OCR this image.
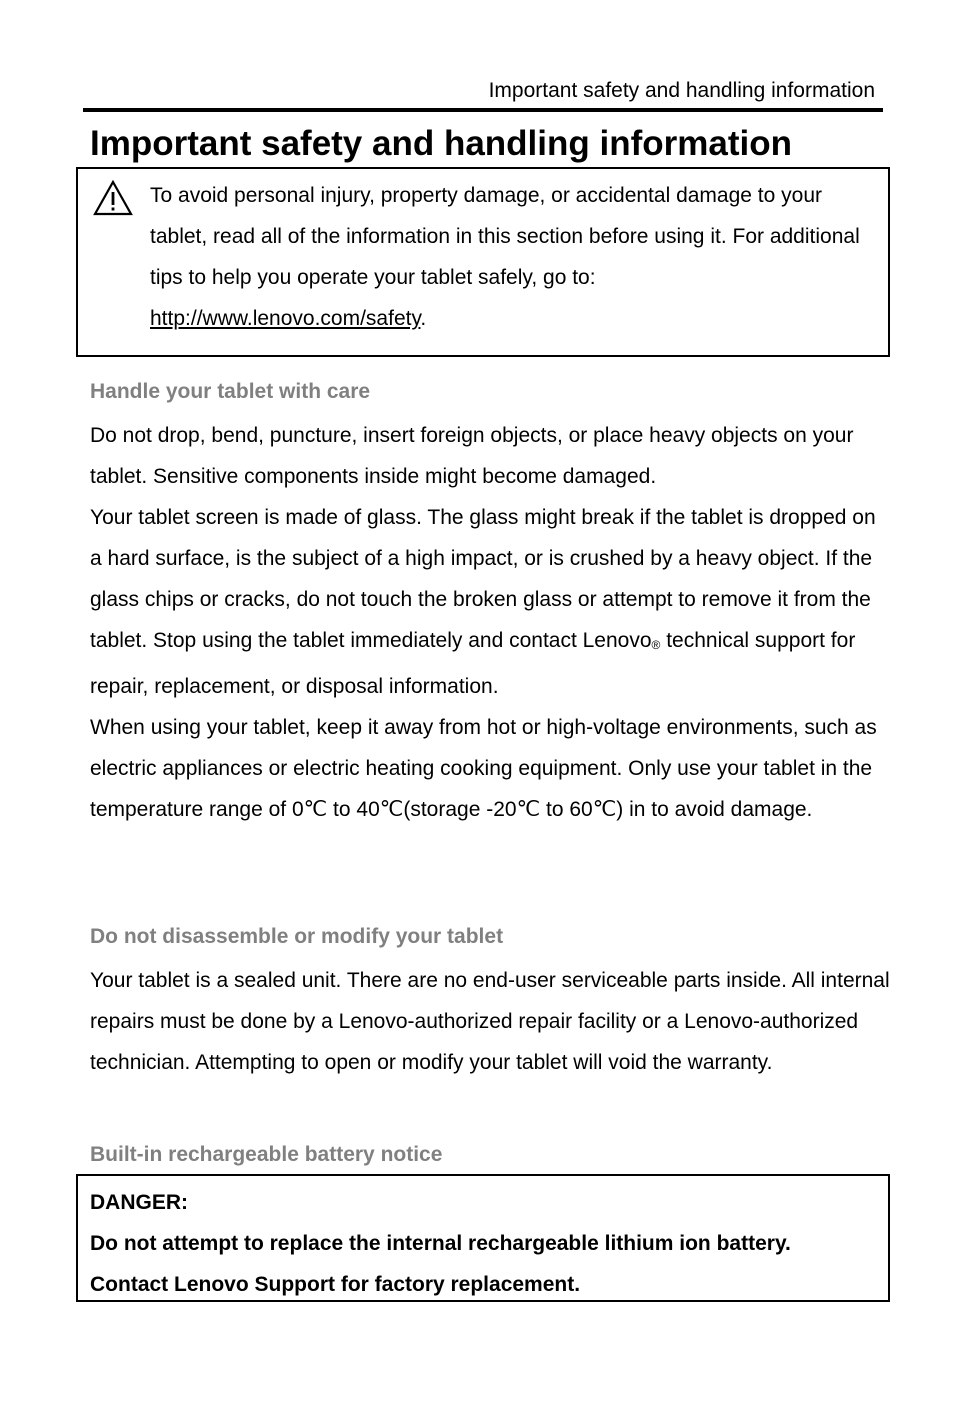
Important safety and handling information
Important safety and handling information
To avoid personal injury, property damage, or accidental damage to your tablet, read all of the information in this section before using it. For additional tips to help you operate your tablet safely, go to: http://www.lenovo.com/safety.
Handle your tablet with care

Do not drop, bend, puncture, insert foreign objects, or place heavy objects on your tablet. Sensitive components inside might become damaged.

Your tablet screen is made of glass. The glass might break if the tablet is dropped on a hard surface, is the subject of a high impact, or is crushed by a heavy object. If the glass chips or cracks, do not touch the broken glass or attempt to remove it from the tablet. Stop using the tablet immediately and contact Lenovo® technical support for repair, replacement, or disposal information.

When using your tablet, keep it away from hot or high-voltage environments, such as electric appliances or electric heating cooking equipment. Only use your tablet in the temperature range of 0℃ to 40℃(storage -20℃ to 60℃) in to avoid damage.

Do not disassemble or modify your tablet

Your tablet is a sealed unit. There are no end-user serviceable parts inside. All internal repairs must be done by a Lenovo-authorized repair facility or a Lenovo-authorized technician. Attempting to open or modify your tablet will void the warranty.

Built-in rechargeable battery notice
DANGER:
Do not attempt to replace the internal rechargeable lithium ion battery.
Contact Lenovo Support for factory replacement.
